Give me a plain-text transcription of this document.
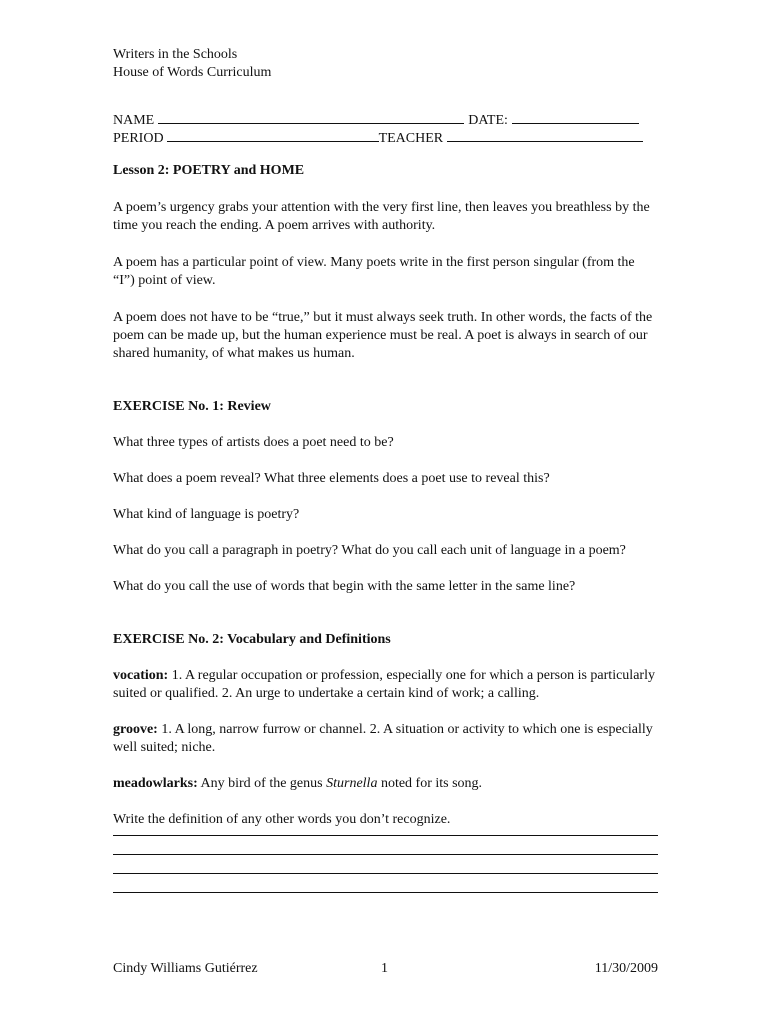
Writers in the Schools
House of Words Curriculum
NAME	DATE:
PERIOD	TEACHER
Lesson 2: POETRY and HOME

A poem’s urgency grabs your attention with the very first line, then leaves you breathless by the time you reach the ending. A poem arrives with authority.

A poem has a particular point of view. Many poets write in the first person singular (from the “I”) point of view.

A poem does not have to be “true,” but it must always seek truth. In other words, the facts of the poem can be made up, but the human experience must be real. A poet is always in search of our shared humanity, of what makes us human.

EXERCISE No. 1: Review

What three types of artists does a poet need to be?

What does a poem reveal? What three elements does a poet use to reveal this?

What kind of language is poetry?

What do you call a paragraph in poetry? What do you call each unit of language in a poem?

What do you call the use of words that begin with the same letter in the same line?

EXERCISE No. 2: Vocabulary and Definitions

vocation: 1. A regular occupation or profession, especially one for which a person is particularly suited or qualified. 2. An urge to undertake a certain kind of work; a calling.

groove: 1. A long, narrow furrow or channel. 2. A situation or activity to which one is especially well suited; niche.

meadowlarks: Any bird of the genus Sturnella noted for its song.

Write the definition of any other words you don’t recognize.

Cindy Williams Gutiérrez	1	11/30/2009
